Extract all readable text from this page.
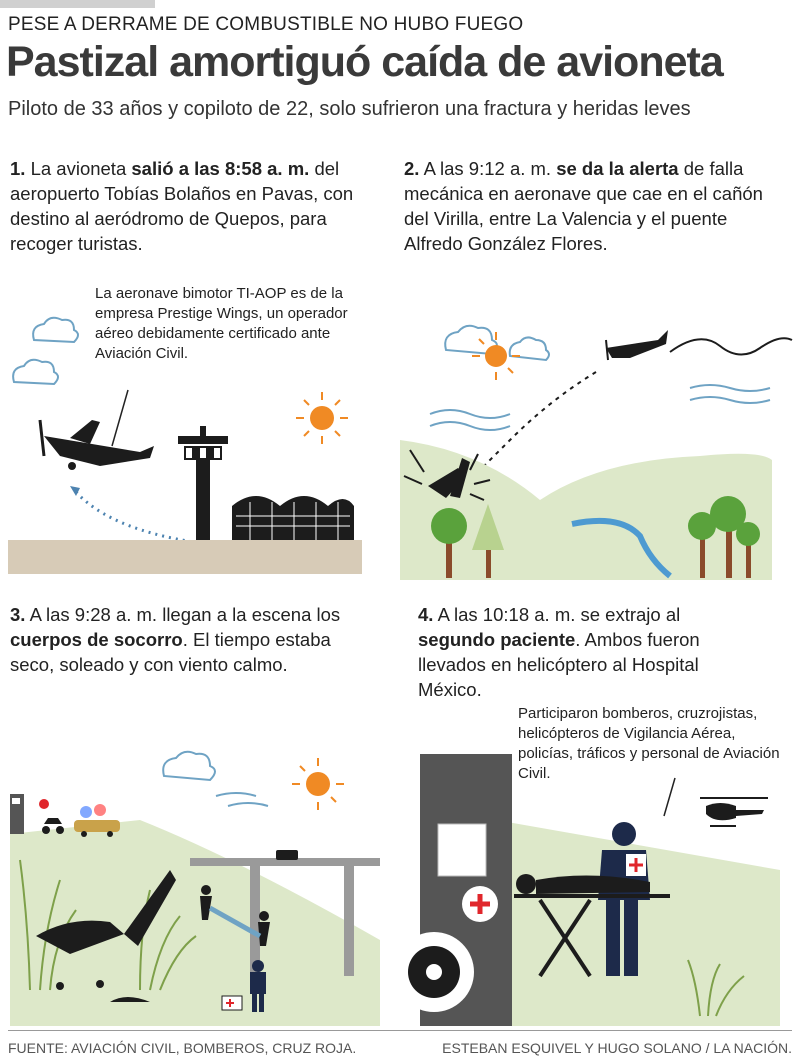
PESE A DERRAME DE COMBUSTIBLE NO HUBO FUEGO
Pastizal amortiguó caída de avioneta
Piloto de 33 años y copiloto de 22, solo sufrieron una fractura y heridas leves
1. La avioneta salió a las 8:58 a. m. del aeropuerto Tobías Bolaños en Pavas, con destino al aeródromo de Quepos, para recoger turistas.
2. A las 9:12 a. m. se da la alerta de falla mecánica en aeronave que cae en el cañón del Virilla, entre La Valencia y el puente Alfredo González Flores.
3. A las 9:28 a. m. llegan a la escena los cuerpos de socorro. El tiempo estaba seco, soleado y con viento calmo.
4. A las 10:18 a. m. se extrajo al segundo paciente. Ambos fueron llevados en helicóptero al Hospital México.
La aeronave bimotor TI-AOP es de la empresa Prestige Wings, un operador aéreo debidamente certificado ante Aviación Civil.
Participaron bomberos, cruzrojistas, helicópteros de Vigilancia Aérea, policías, tráficos y personal de Aviación Civil.
FUENTE: AVIACIÓN CIVIL, BOMBEROS, CRUZ ROJA.	ESTEBAN ESQUIVEL Y HUGO SOLANO / LA NACIÓN.
